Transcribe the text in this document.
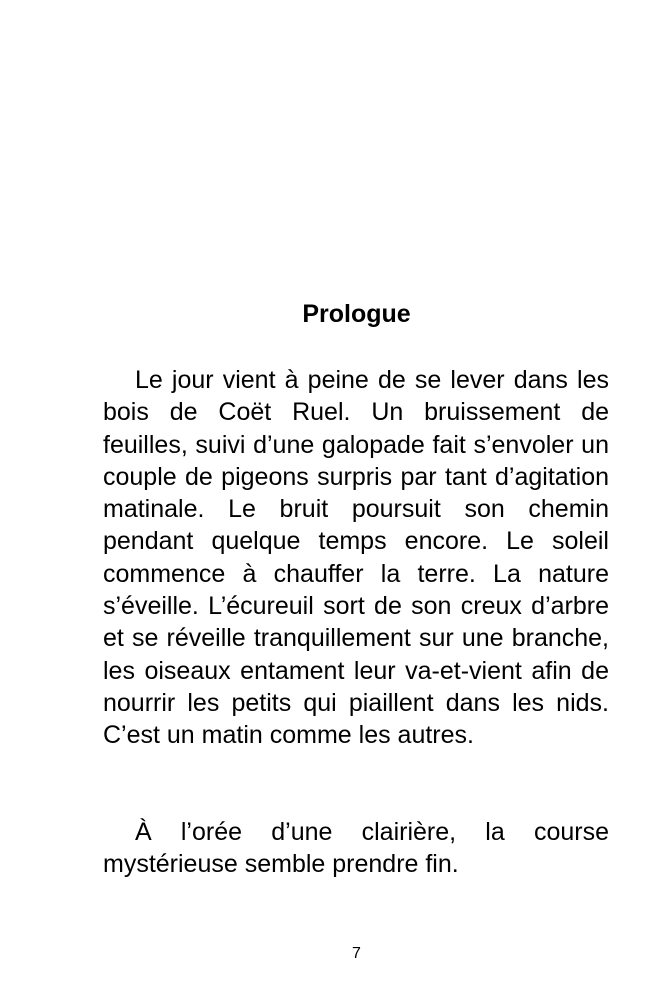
Prologue

Le jour vient à peine de se lever dans les bois de Coët Ruel. Un bruissement de feuilles, suivi d’une galopade fait s’envoler un couple de pigeons surpris par tant d’agitation matinale. Le bruit poursuit son chemin pendant quelque temps encore. Le soleil commence à chauffer la terre. La nature s’éveille. L’écureuil sort de son creux d’arbre et se réveille tranquillement sur une branche, les oiseaux entament leur va-et-vient afin de nourrir les petits qui piaillent dans les nids. C’est un matin comme les autres.

À l’orée d’une clairière, la course mystérieuse semble prendre fin.

7
